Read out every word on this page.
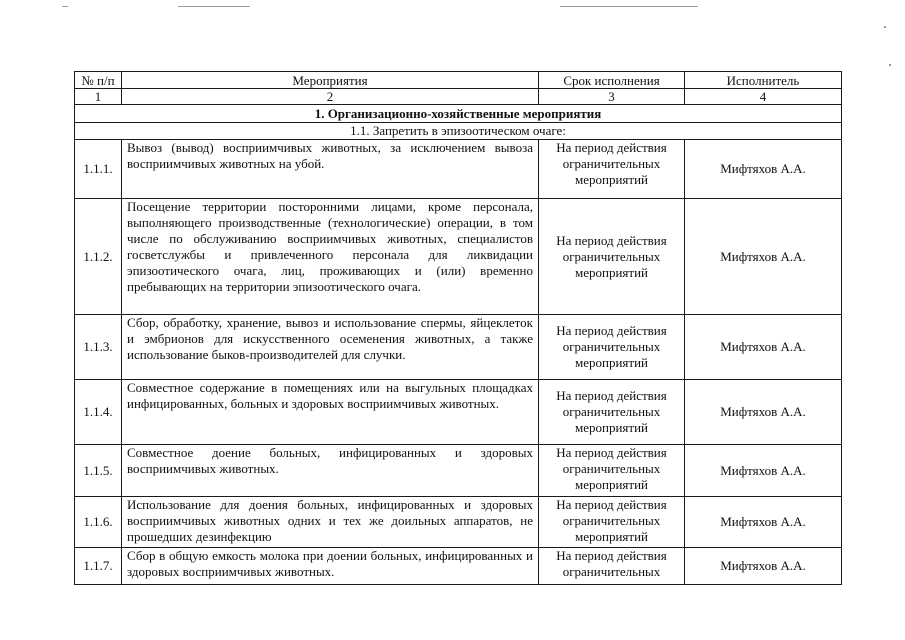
№ п/п	Мероприятия	Срок исполнения	Исполнитель
1	2	3	4
1. Организационно-хозяйственные мероприятия			
1.1. Запретить в эпизоотическом очаге:			
1.1.1.	Вывоз (вывод) восприимчивых животных, за исключением вывоза восприимчивых животных на убой.	На период действия ограничительных мероприятий	Мифтяхов А.А.
1.1.2.	Посещение территории посторонними лицами, кроме персонала, выполняющего производственные (технологические) операции, в том числе по обслуживанию восприимчивых животных, специалистов госветслужбы и привлеченного персонала для ликвидации эпизоотического очага, лиц, проживающих и (или) временно пребывающих на территории эпизоотического очага.	На период действия ограничительных мероприятий	Мифтяхов А.А.
1.1.3.	Сбор, обработку, хранение, вывоз и использование спермы, яйцеклеток и эмбрионов для искусственного осеменения животных, а также использование быков-производителей для случки.	На период действия ограничительных мероприятий	Мифтяхов А.А.
1.1.4.	Совместное содержание в помещениях или на выгульных площадках инфицированных, больных и здоровых восприимчивых животных.	На период действия ограничительных мероприятий	Мифтяхов А.А.
1.1.5.	Совместное доение больных, инфицированных и здоровых восприимчивых животных.	На период действия ограничительных мероприятий	Мифтяхов А.А.
1.1.6.	Использование для доения больных, инфицированных и здоровых восприимчивых животных одних и тех же доильных аппаратов, не прошедших дезинфекцию	На период действия ограничительных мероприятий	Мифтяхов А.А.
1.1.7.	Сбор в общую емкость молока при доении больных, инфицированных и здоровых восприимчивых животных.	На период действия ограничительных	Мифтяхов А.А.
